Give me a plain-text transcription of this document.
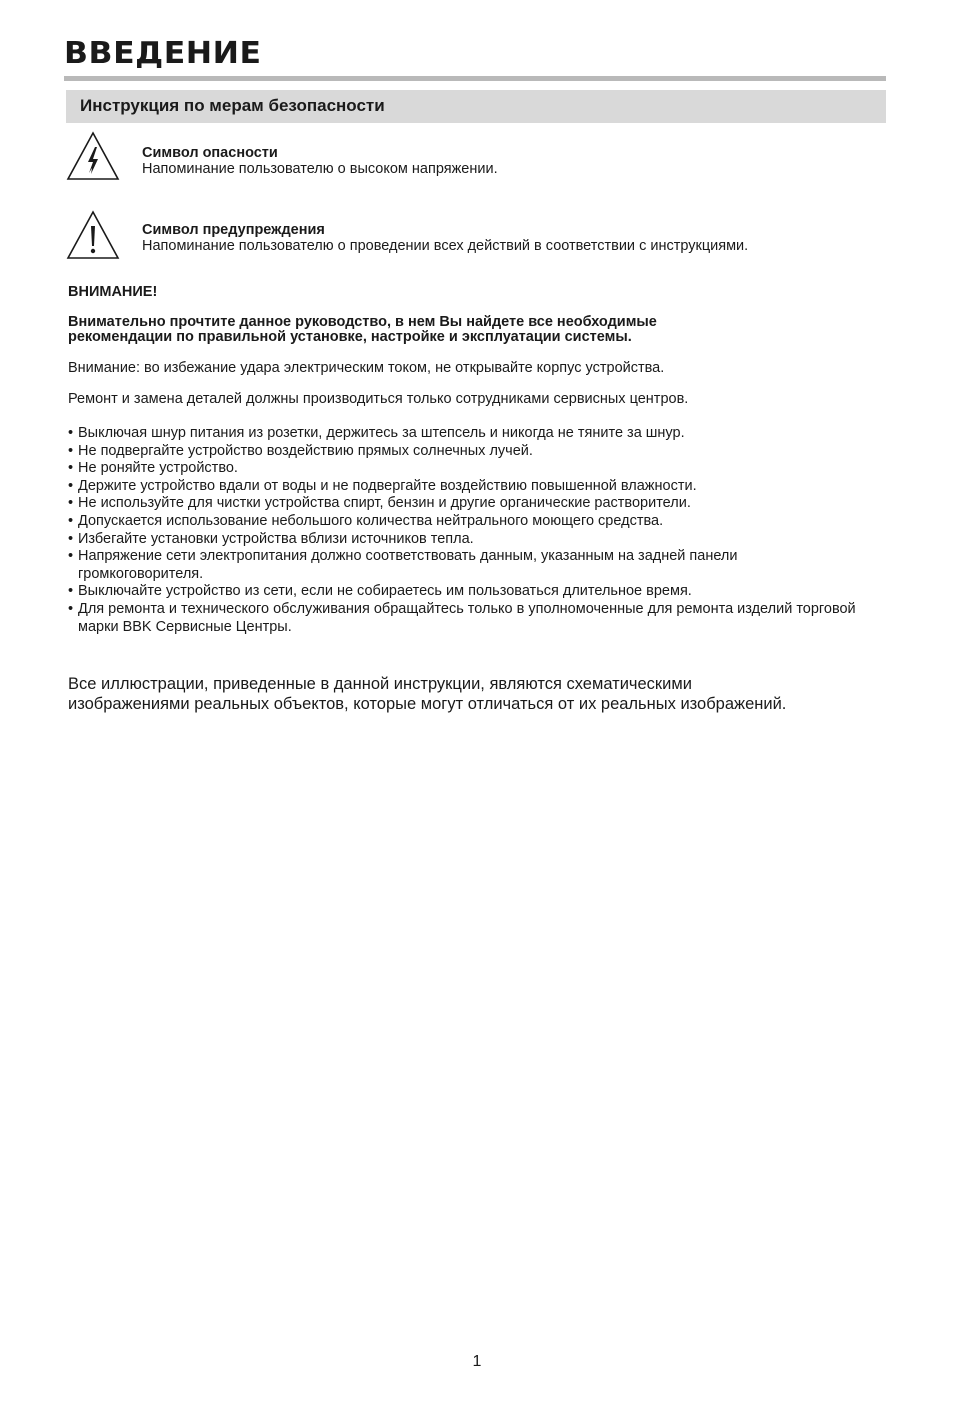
ВВЕДЕНИЕ
Инструкция по мерам безопасности
Символ опасности
Напоминание пользователю о высоком напряжении.
Символ предупреждения
Напоминание пользователю о проведении всех действий в соответствии с инструкциями.
ВНИМАНИЕ!
Внимательно прочтите данное руководство, в нем Вы найдете все необходимые
рекомендации по правильной установке, настройке и эксплуатации системы.
Внимание: во избежание удара электрическим током, не открывайте корпус устройства.
Ремонт и замена деталей должны производиться только сотрудниками сервисных центров.
• Выключая шнур питания из розетки, держитесь за штепсель и никогда не тяните за шнур.
• Не подвергайте устройство воздействию прямых солнечных лучей.
• Не роняйте устройство.
• Держите устройство вдали от воды и не подвергайте воздействию повышенной влажности.
• Не используйте для чистки устройства спирт, бензин и другие органические растворители.
• Допускается использование небольшого количества нейтрального моющего средства.
• Избегайте установки устройства вблизи источников тепла.
• Напряжение сети электропитания должно соответствовать данным, указанным на задней панели громкоговорителя.
• Выключайте устройство из сети, если не собираетесь им пользоваться длительное время.
• Для ремонта и технического обслуживания обращайтесь только в уполномоченные для ремонта изделий торговой марки BBK Сервисные Центры.
Все иллюстрации, приведенные в данной инструкции, являются схематическими
изображениями реальных объектов, которые могут отличаться от их реальных изображений.
1
